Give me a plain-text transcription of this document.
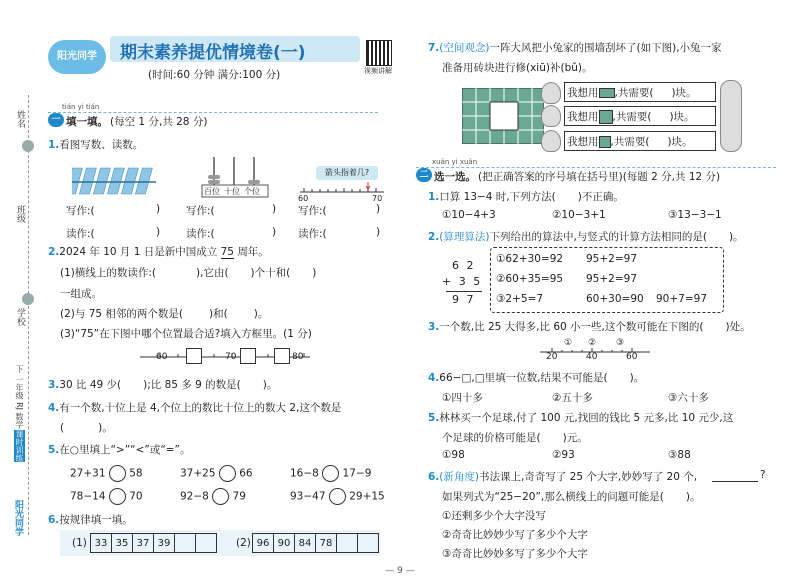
姓名
班级
学校
下 一年级 RJ 数学
课时训练
阳光同学
阳光同学	期末素养提优情境卷(一)
(时间:60 分钟 满分:100 分)	视频讲解
tián yi tián
一 填一填。 (每空 1 分,共 28 分)
1.看图写数、读数。
百位 十位 个位
箭头指着几?
60	70
写作:(	) 写作:(	) 写作:(	)
读作:(	) 读作:(	) 读作:(	)
2.2024 年 10 月 1 日是新中国成立 75 周年。
(1)横线上的数读作:(	),它由( )个十和( )
一组成。
(2)与 75 相邻的两个数是( )和( )。
(3)“75”在下图中哪个位置最合适?填入方框里。(1 分)
60	70	80
3.30 比 49 少( );比 85 多 9 的数是( )。
4.有一个数,十位上是 4,个位上的数比十位上的数大 2,这个数是
(	)。
5.在○里填上“>”“<”或“=”。
27+31 58	37+25 66	16−8 17−9
78−14 70	92−8 79	93−47 29+15
6.按规律填一填。
(1) 33	35	37	39			(2) 96	90	84	78		
7.(空间观念)一阵大风把小兔家的围墙刮坏了(如下图),小兔一家
准备用砖块进行修(xiū)补(bǔ)。
我想用 ,共需要( )块。
我想用 ,共需要( )块。
我想用 ,共需要( )块。
xuǎn yi xuǎn
二 选一选。 (把正确答案的序号填在括号里)(每题 2 分,共 12 分)
1.口算 13−4 时,下列方法( )不正确。
①10−4+3	②10−3+1	③13−3−1
2.(算理算法)下列给出的算法中,与竖式的计算方法相同的是( )。
6 2
+ 3 5
9 7
①62+30=92 95+2=97
②60+35=95 95+2=97
③2+5=7	60+30=90 90+7=97
3.一个数,比 25 大得多,比 60 小一些,这个数可能在下图的( )处。
① ② ③
20	40	60
4.66−□,□里填一位数,结果不可能是( )。
①四十多	②五十多	③六十多
5.林林买一个足球,付了 100 元,找回的钱比 5 元多,比 10 元少,这
个足球的价格可能是( )元。
①98	②93	③88
6.(新角度)书法课上,奇奇写了 25 个大字,妙妙写了 20 个,	?
如果列式为“25−20”,那么横线上的问题可能是( )。
①还剩多少个大字没写
②奇奇比妙妙少写了多少个大字
③奇奇比妙妙多写了多少个大字
— 9 —
